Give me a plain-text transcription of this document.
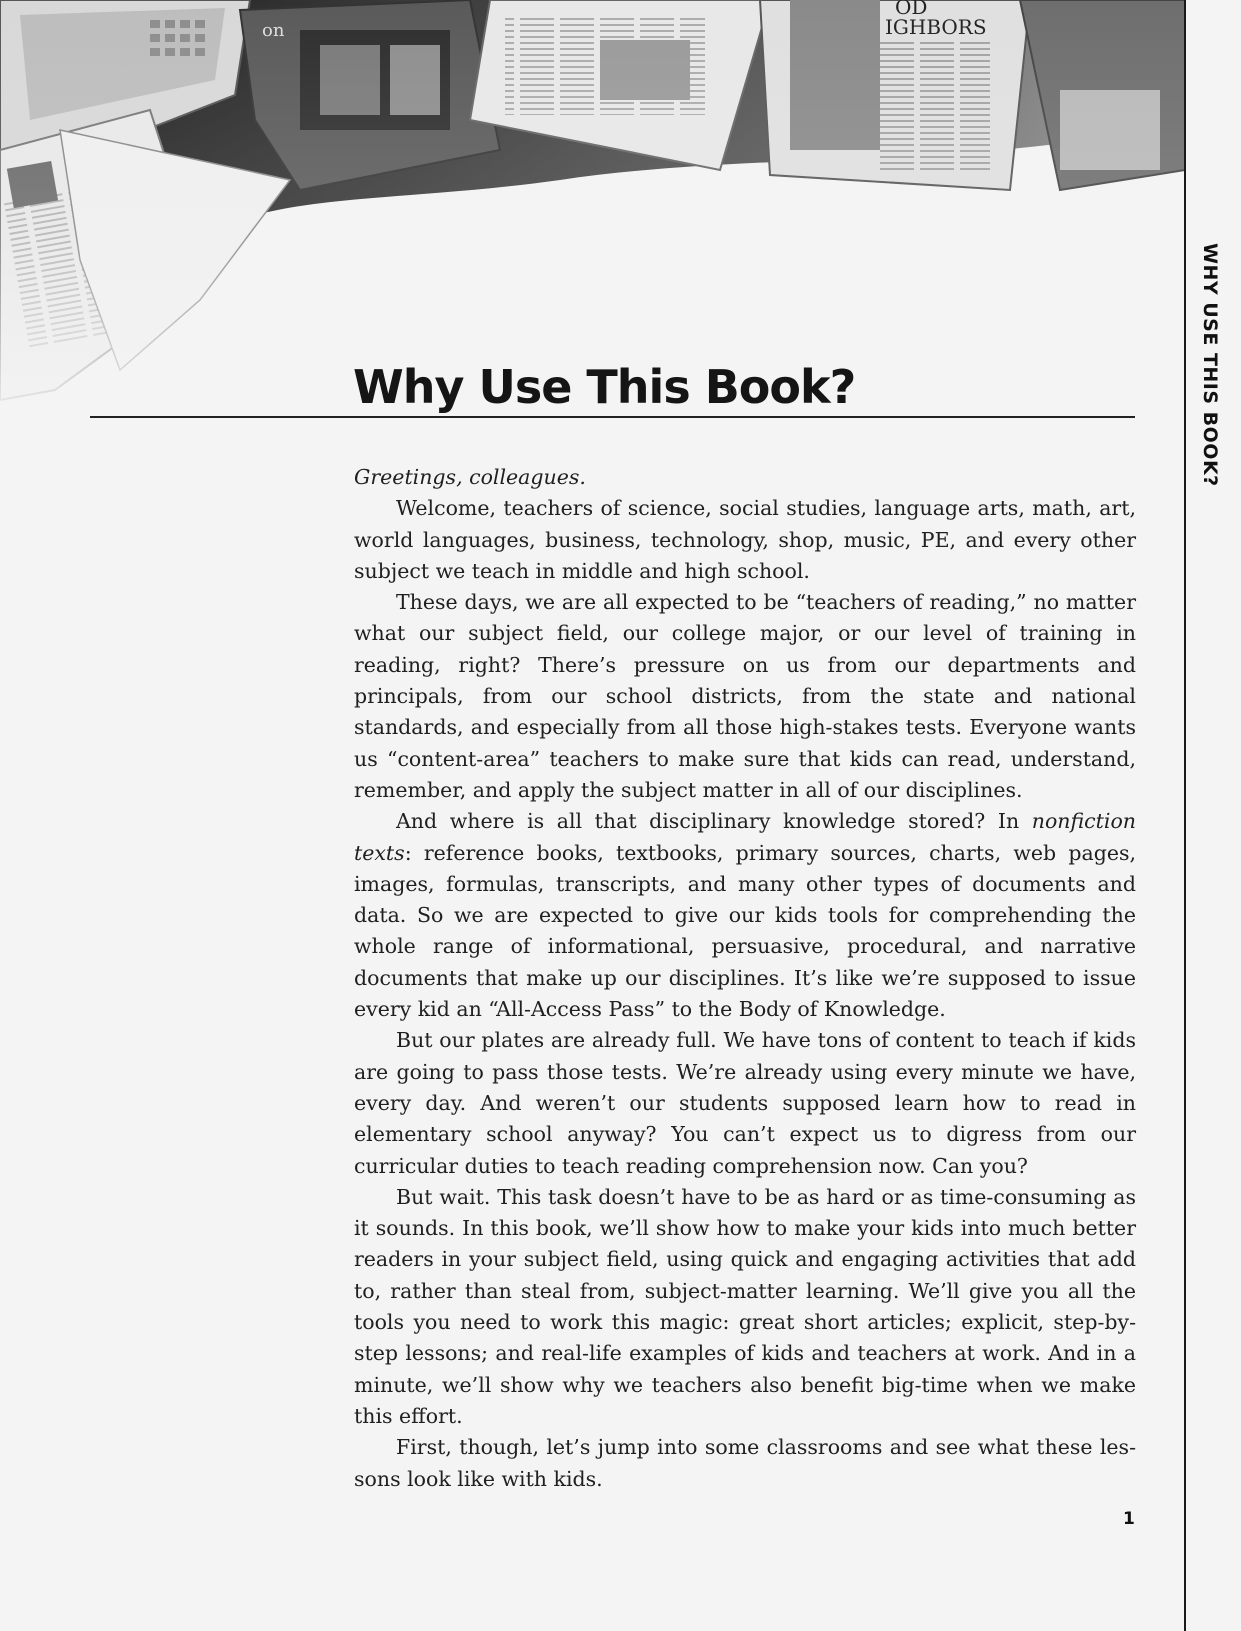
WHY USE THIS BOOK?
Why Use This Book?

Greetings, colleagues.

Welcome, teachers of science, social studies, language arts, math, art, world languages, business, technology, shop, music, PE, and every other subject we teach in middle and high school.

These days, we are all expected to be “teachers of reading,” no matter what our subject field, our college major, or our level of training in reading, right? There’s pressure on us from our departments and principals, from our school districts, from the state and national standards, and especially from all those high-stakes tests. Everyone wants us “content-area” teachers to make sure that kids can read, understand, remember, and apply the subject matter in all of our disciplines.

And where is all that disciplinary knowledge stored? In nonfiction texts: reference books, textbooks, primary sources, charts, web pages, images, formulas, transcripts, and many other types of documents and data. So we are expected to give our kids tools for comprehending the whole range of informational, persuasive, procedural, and narrative documents that make up our disciplines. It’s like we’re supposed to issue every kid an “All-Access Pass” to the Body of Knowledge.

But our plates are already full. We have tons of content to teach if kids are going to pass those tests. We’re already using every minute we have, every day. And weren’t our students supposed learn how to read in elementary school anyway? You can’t expect us to digress from our curricular duties to teach reading comprehension now. Can you?

But wait. This task doesn’t have to be as hard or as time-consuming as it sounds. In this book, we’ll show how to make your kids into much better readers in your subject field, using quick and engaging activities that add to, rather than steal from, subject-matter learning. We’ll give you all the tools you need to work this magic: great short articles; explicit, step-by-step lessons; and real-life examples of kids and teachers at work. And in a minute, we’ll show why we teachers also benefit big-time when we make this effort.

First, though, let’s jump into some classrooms and see what these lessons look like with kids.

1
